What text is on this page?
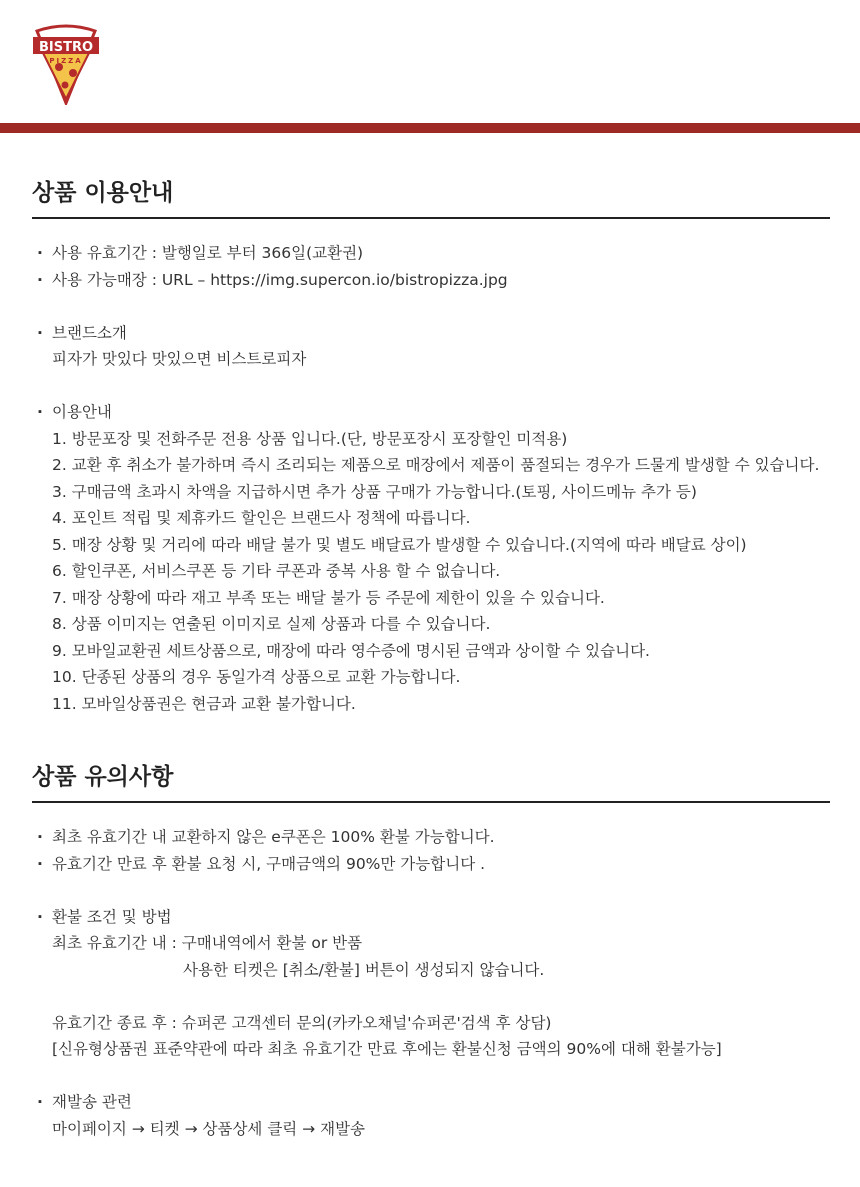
BISTRO
PIZZA
상품 이용안내
· 사용 유효기간 : 발행일로 부터 366일(교환권)
· 사용 가능매장 : URL – https://img.supercon.io/bistropizza.jpg
· 브랜드소개
피자가 맛있다 맛있으면 비스트로피자
· 이용안내
1. 방문포장 및 전화주문 전용 상품 입니다.(단, 방문포장시 포장할인 미적용)
2. 교환 후 취소가 불가하며 즉시 조리되는 제품으로 매장에서 제품이 품절되는 경우가 드물게 발생할 수 있습니다.
3. 구매금액 초과시 차액을 지급하시면 추가 상품 구매가 가능합니다.(토핑, 사이드메뉴 추가 등)
4. 포인트 적립 및 제휴카드 할인은 브랜드사 정책에 따릅니다.
5. 매장 상황 및 거리에 따라 배달 불가 및 별도 배달료가 발생할 수 있습니다.(지역에 따라 배달료 상이)
6. 할인쿠폰, 서비스쿠폰 등 기타 쿠폰과 중복 사용 할 수 없습니다.
7. 매장 상황에 따라 재고 부족 또는 배달 불가 등 주문에 제한이 있을 수 있습니다.
8. 상품 이미지는 연출된 이미지로 실제 상품과 다를 수 있습니다.
9. 모바일교환권 세트상품으로, 매장에 따라 영수증에 명시된 금액과 상이할 수 있습니다.
10. 단종된 상품의 경우 동일가격 상품으로 교환 가능합니다.
11. 모바일상품권은 현금과 교환 불가합니다.
상품 유의사항
· 최초 유효기간 내 교환하지 않은 e쿠폰은 100% 환불 가능합니다.
· 유효기간 만료 후 환불 요청 시, 구매금액의 90%만 가능합니다 .
· 환불 조건 및 방법
최초 유효기간 내 : 구매내역에서 환불 or 반품
사용한 티켓은 [취소/환불] 버튼이 생성되지 않습니다.
유효기간 종료 후 : 슈퍼콘 고객센터 문의(카카오채널'슈퍼콘'검색 후 상담)
[신유형상품권 표준약관에 따라 최초 유효기간 만료 후에는 환불신청 금액의 90%에 대해 환불가능]
· 재발송 관련
마이페이지 → 티켓 → 상품상세 클릭 → 재발송
